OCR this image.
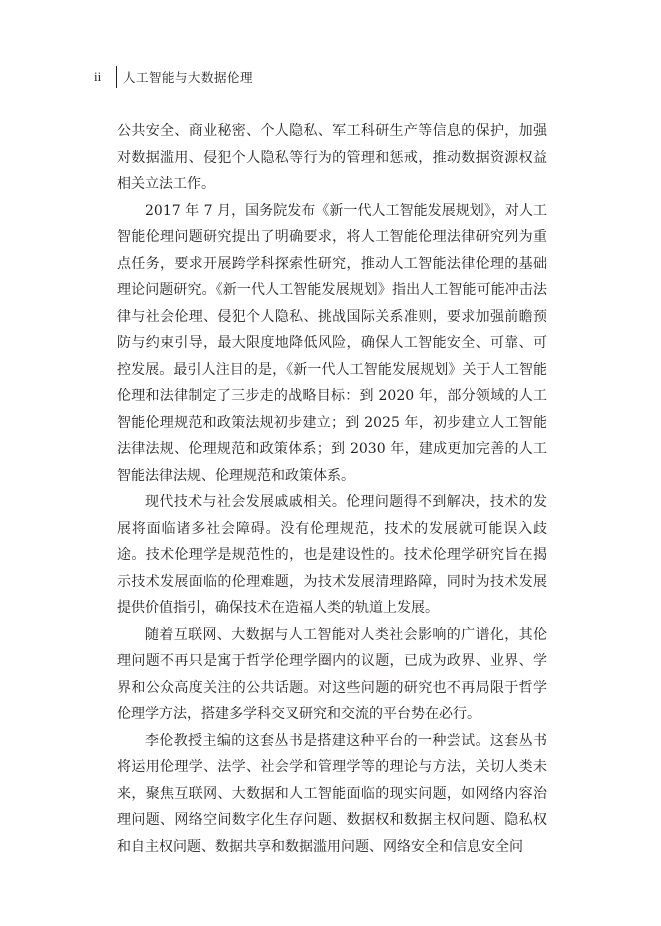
ii	人工智能与大数据伦理

公共安全、商业秘密、个人隐私、军工科研生产等信息的保护，加强对数据滥用、侵犯个人隐私等行为的管理和惩戒，推动数据资源权益相关立法工作。

2017 年 7 月，国务院发布《新一代人工智能发展规划》，对人工智能伦理问题研究提出了明确要求，将人工智能伦理法律研究列为重点任务，要求开展跨学科探索性研究，推动人工智能法律伦理的基础理论问题研究。《新一代人工智能发展规划》指出人工智能可能冲击法律与社会伦理、侵犯个人隐私、挑战国际关系准则，要求加强前瞻预防与约束引导，最大限度地降低风险，确保人工智能安全、可靠、可控发展。最引人注目的是，《新一代人工智能发展规划》关于人工智能伦理和法律制定了三步走的战略目标：到 2020 年，部分领域的人工智能伦理规范和政策法规初步建立；到 2025 年，初步建立人工智能法律法规、伦理规范和政策体系；到 2030 年，建成更加完善的人工智能法律法规、伦理规范和政策体系。

现代技术与社会发展戚戚相关。伦理问题得不到解决，技术的发展将面临诸多社会障碍。没有伦理规范，技术的发展就可能误入歧途。技术伦理学是规范性的，也是建设性的。技术伦理学研究旨在揭示技术发展面临的伦理难题，为技术发展清理路障，同时为技术发展提供价值指引，确保技术在造福人类的轨道上发展。

随着互联网、大数据与人工智能对人类社会影响的广谱化，其伦理问题不再只是寓于哲学伦理学圈内的议题，已成为政界、业界、学界和公众高度关注的公共话题。对这些问题的研究也不再局限于哲学伦理学方法，搭建多学科交叉研究和交流的平台势在必行。

李伦教授主编的这套丛书是搭建这种平台的一种尝试。这套丛书将运用伦理学、法学、社会学和管理学等的理论与方法，关切人类未来，聚焦互联网、大数据和人工智能面临的现实问题，如网络内容治理问题、网络空间数字化生存问题、数据权和数据主权问题、隐私权和自主权问题、数据共享和数据滥用问题、网络安全和信息安全问
